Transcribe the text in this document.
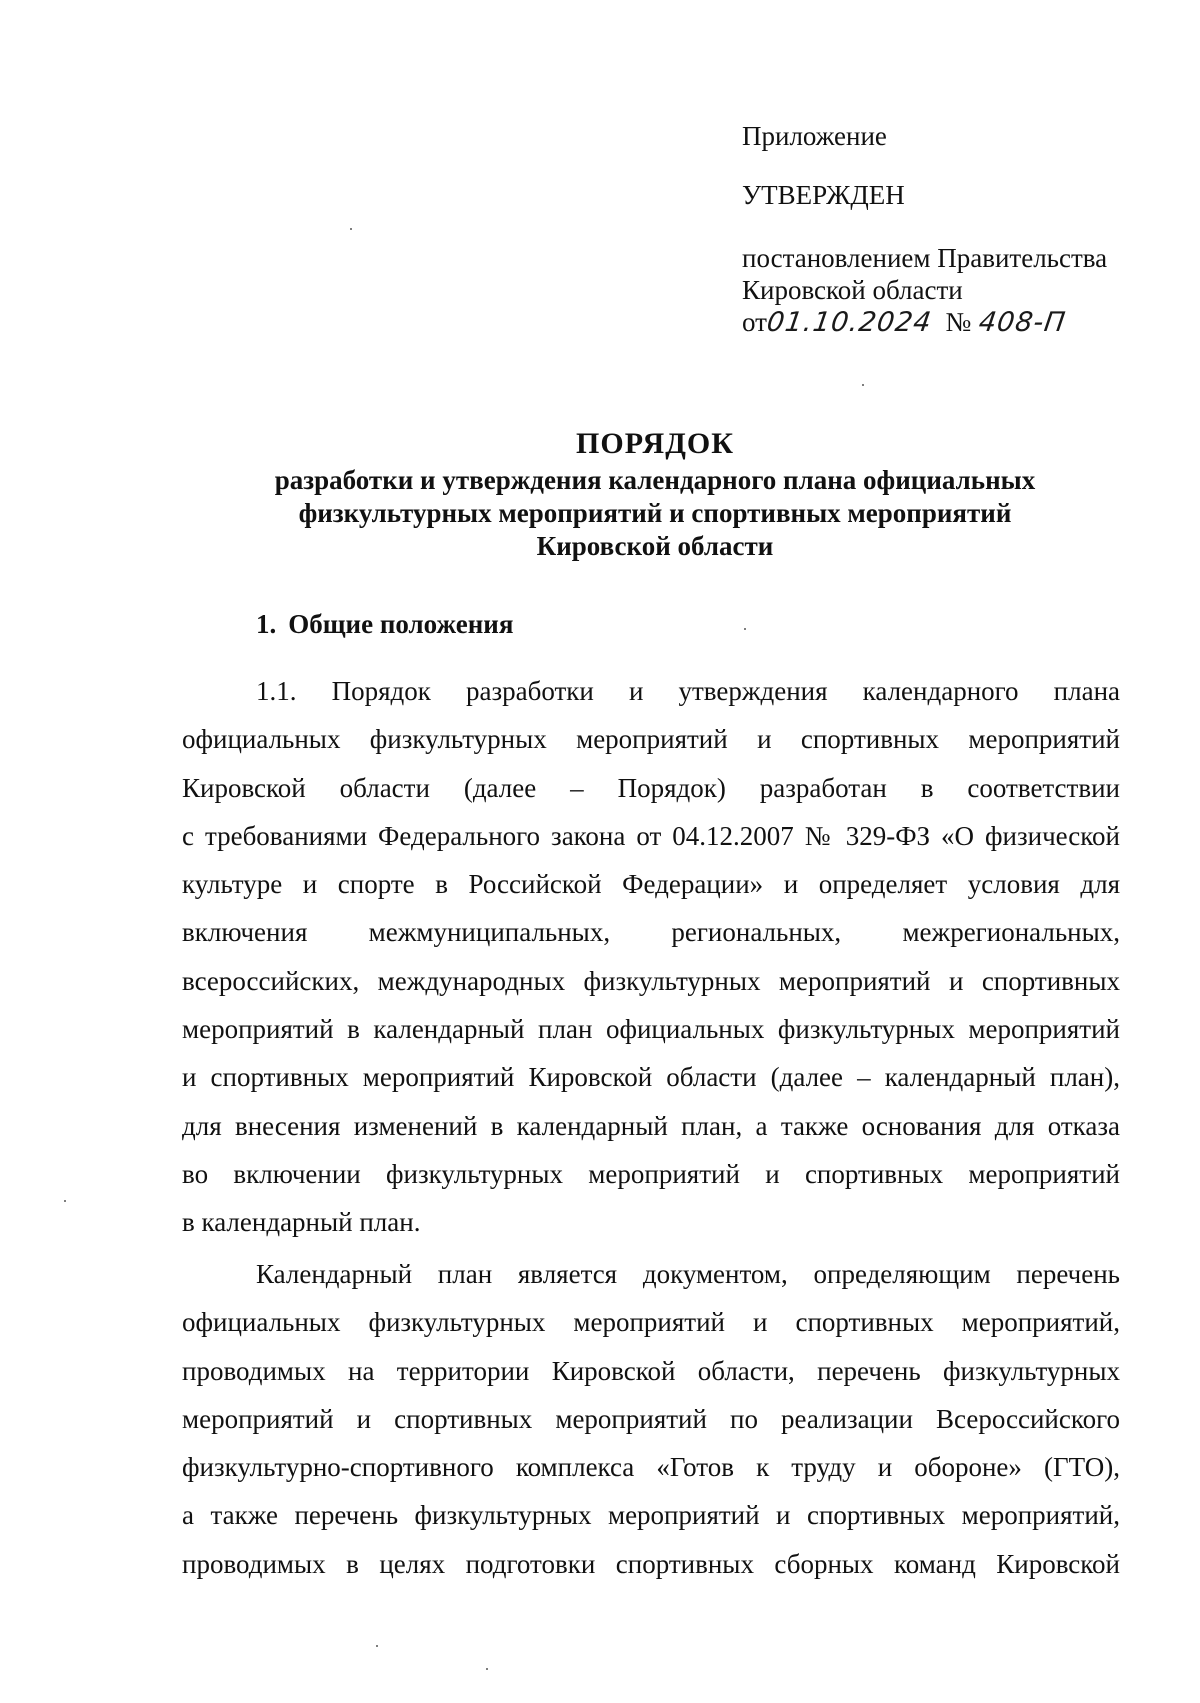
Приложение
УТВЕРЖДЕН
постановлением Правительства
Кировской области
от01.10.2024 № 408-П
ПОРЯДОК
разработки и утверждения календарного плана официальных
физкультурных мероприятий и спортивных мероприятий
Кировской области
1. Общие положения
1.1. Порядок разработки и утверждения календарного плана
официальных физкультурных мероприятий и спортивных мероприятий
Кировской области (далее – Порядок) разработан в соответствии
с требованиями Федерального закона от 04.12.2007 № 329-ФЗ «О физической
культуре и спорте в Российской Федерации» и определяет условия для
включения межмуниципальных, региональных, межрегиональных,
всероссийских, международных физкультурных мероприятий и спортивных
мероприятий в календарный план официальных физкультурных мероприятий
и спортивных мероприятий Кировской области (далее – календарный план),
для внесения изменений в календарный план, а также основания для отказа
во включении физкультурных мероприятий и спортивных мероприятий
в календарный план.
Календарный план является документом, определяющим перечень
официальных физкультурных мероприятий и спортивных мероприятий,
проводимых на территории Кировской области, перечень физкультурных
мероприятий и спортивных мероприятий по реализации Всероссийского
физкультурно-спортивного комплекса «Готов к труду и обороне» (ГТО),
а также перечень физкультурных мероприятий и спортивных мероприятий,
проводимых в целях подготовки спортивных сборных команд Кировской
